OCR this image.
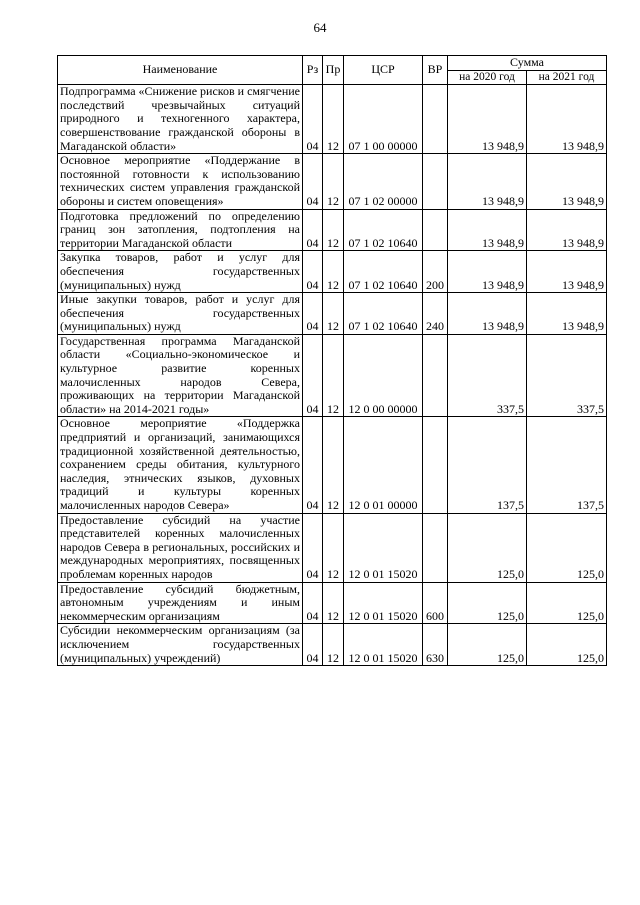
64
Наименование	Рз	Пр	ЦСР	ВР	Сумма	
					на 2020 год	на 2021 год
Подпрограмма «Снижение рисков и смягчение последствий чрезвычайных ситуаций природного и техногенного характера, совершенствование гражданской обороны в Магаданской области»	04	12	07 1 00 00000		13 948,9	13 948,9
Основное мероприятие «Поддержание в постоянной готовности к использованию технических систем управления гражданской обороны и систем оповещения»	04	12	07 1 02 00000		13 948,9	13 948,9
Подготовка предложений по определению границ зон затопления, подтопления на территории Магаданской области	04	12	07 1 02 10640		13 948,9	13 948,9
Закупка товаров, работ и услуг для обеспечения государственных (муниципальных) нужд	04	12	07 1 02 10640	200	13 948,9	13 948,9
Иные закупки товаров, работ и услуг для обеспечения государственных (муниципальных) нужд	04	12	07 1 02 10640	240	13 948,9	13 948,9
Государственная программа Магаданской области «Социально-экономическое и культурное развитие коренных малочисленных народов Севера, проживающих на территории Магаданской области» на 2014-2021 годы»	04	12	12 0 00 00000		337,5	337,5
Основное мероприятие «Поддержка предприятий и организаций, занимающихся традиционной хозяйственной деятельностью, сохранением среды обитания, культурного наследия, этнических языков, духовных традиций и культуры коренных малочисленных народов Севера»	04	12	12 0 01 00000		137,5	137,5
Предоставление субсидий на участие представителей коренных малочисленных народов Севера в региональных, российских и международных мероприятиях, посвященных проблемам коренных народов	04	12	12 0 01 15020		125,0	125,0
Предоставление субсидий бюджетным, автономным учреждениям и иным некоммерческим организациям	04	12	12 0 01 15020	600	125,0	125,0
Субсидии некоммерческим организациям (за исключением государственных (муниципальных) учреждений)	04	12	12 0 01 15020	630	125,0	125,0
